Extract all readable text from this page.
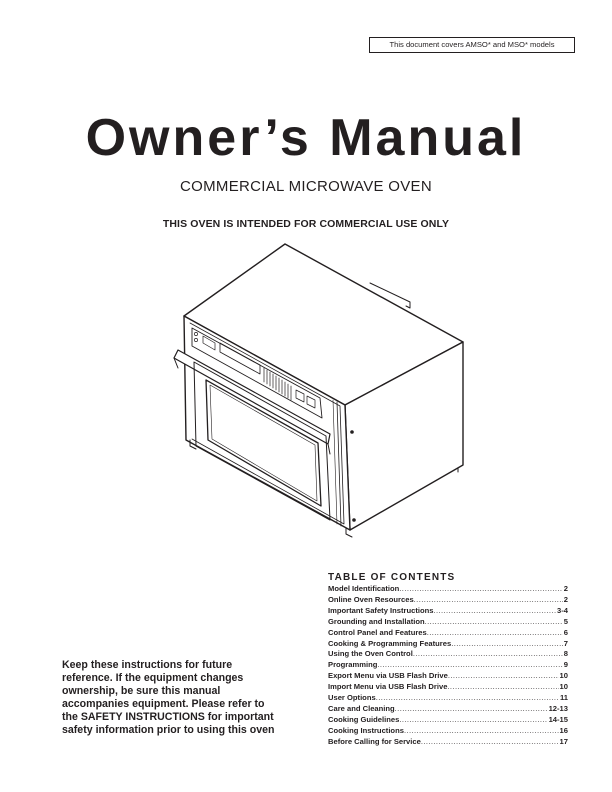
This document covers AMSO* and MSO* models
Owner’s Manual
COMMERCIAL MICROWAVE OVEN
THIS OVEN IS INTENDED FOR COMMERCIAL USE ONLY
Keep these instructions for future
reference. If the equipment changes
ownership, be sure this manual
accompanies equipment. Please refer to
the SAFETY INSTRUCTIONS for important
safety information prior to using this oven
TABLE OF CONTENTS
Model Identification .....	2
Online Oven Resources .....	2
Important Safety Instructions .....	3-4
Grounding and Installation .....	5
Control Panel and Features .....	6
Cooking & Programming Features .....	7
Using the Oven Control .....	8
Programming .....	9
Export Menu via USB Flash Drive .....	10
Import Menu via USB Flash Drive .....	10
User Options .....	11
Care and Cleaning .....	12-13
Cooking Guidelines .....	14-15
Cooking Instructions .....	16
Before Calling for Service .....	17
